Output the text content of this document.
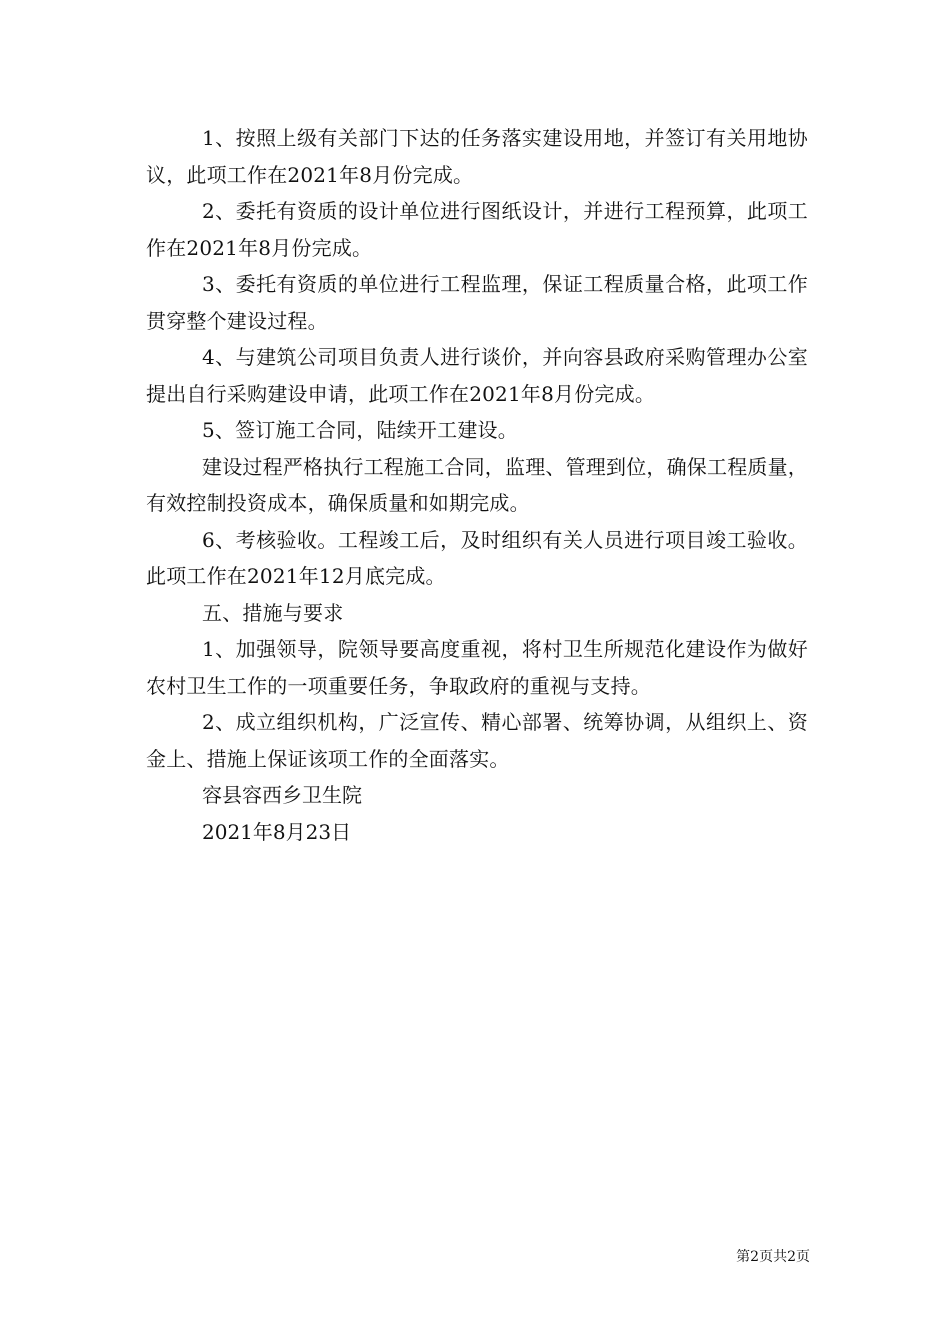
1、按照上级有关部门下达的任务落实建设用地，并签订有关用地协议，此项工作在2021年8月份完成。

2、委托有资质的设计单位进行图纸设计，并进行工程预算，此项工作在2021年8月份完成。

3、委托有资质的单位进行工程监理，保证工程质量合格，此项工作贯穿整个建设过程。

4、与建筑公司项目负责人进行谈价，并向容县政府采购管理办公室提出自行采购建设申请，此项工作在2021年8月份完成。

5、签订施工合同，陆续开工建设。

建设过程严格执行工程施工合同，监理、管理到位，确保工程质量，有效控制投资成本，确保质量和如期完成。

6、考核验收。工程竣工后，及时组织有关人员进行项目竣工验收。此项工作在2021年12月底完成。

五、措施与要求

1、加强领导，院领导要高度重视，将村卫生所规范化建设作为做好农村卫生工作的一项重要任务，争取政府的重视与支持。

2、成立组织机构，广泛宣传、精心部署、统筹协调，从组织上、资金上、措施上保证该项工作的全面落实。

容县容西乡卫生院

2021年8月23日

第2页共2页
